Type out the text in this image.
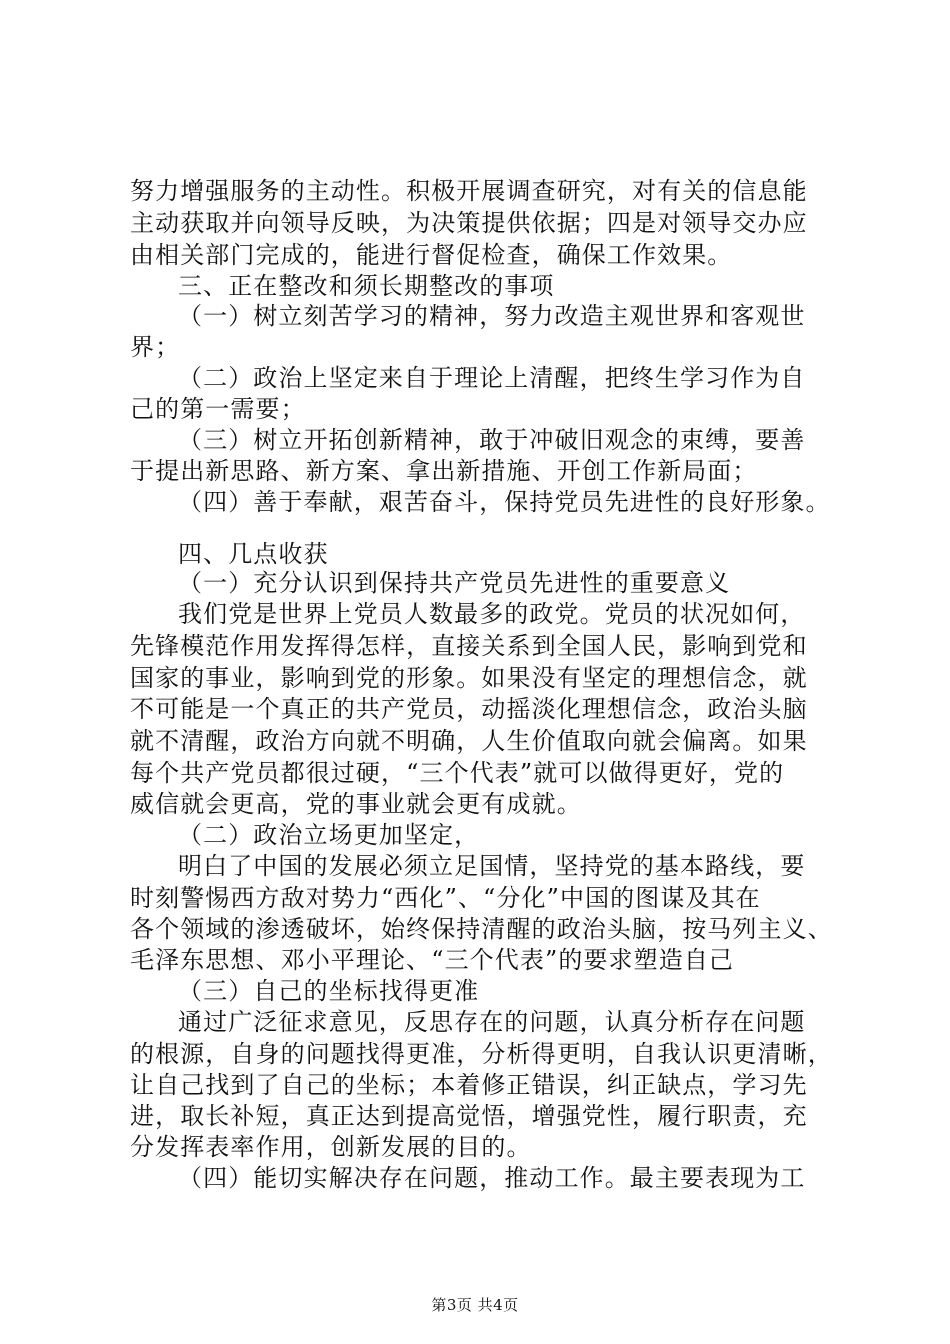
努力增强服务的主动性。积极开展调查研究，对有关的信息能
主动获取并向领导反映，为决策提供依据；四是对领导交办应
由相关部门完成的，能进行督促检查，确保工作效果。
三、正在整改和须长期整改的事项
（一）树立刻苦学习的精神，努力改造主观世界和客观世
界；
（二）政治上坚定来自于理论上清醒，把终生学习作为自
己的第一需要；
（三）树立开拓创新精神，敢于冲破旧观念的束缚，要善
于提出新思路、新方案、拿出新措施、开创工作新局面；
（四）善于奉献，艰苦奋斗，保持党员先进性的良好形象。
四、几点收获
（一）充分认识到保持共产党员先进性的重要意义
我们党是世界上党员人数最多的政党。党员的状况如何，
先锋模范作用发挥得怎样，直接关系到全国人民，影响到党和
国家的事业，影响到党的形象。如果没有坚定的理想信念，就
不可能是一个真正的共产党员，动摇淡化理想信念，政治头脑
就不清醒，政治方向就不明确，人生价值取向就会偏离。如果
每个共产党员都很过硬，“三个代表”就可以做得更好，党的
威信就会更高，党的事业就会更有成就。
（二）政治立场更加坚定，
明白了中国的发展必须立足国情，坚持党的基本路线，要
时刻警惕西方敌对势力“西化”、“分化”中国的图谋及其在
各个领域的渗透破坏，始终保持清醒的政治头脑，按马列主义、
毛泽东思想、邓小平理论、“三个代表”的要求塑造自己
（三）自己的坐标找得更准
通过广泛征求意见，反思存在的问题，认真分析存在问题
的根源，自身的问题找得更准，分析得更明，自我认识更清晰，
让自己找到了自己的坐标；本着修正错误，纠正缺点，学习先
进，取长补短，真正达到提高觉悟，增强党性，履行职责，充
分发挥表率作用，创新发展的目的。
（四）能切实解决存在问题，推动工作。最主要表现为工
第3页 共4页
